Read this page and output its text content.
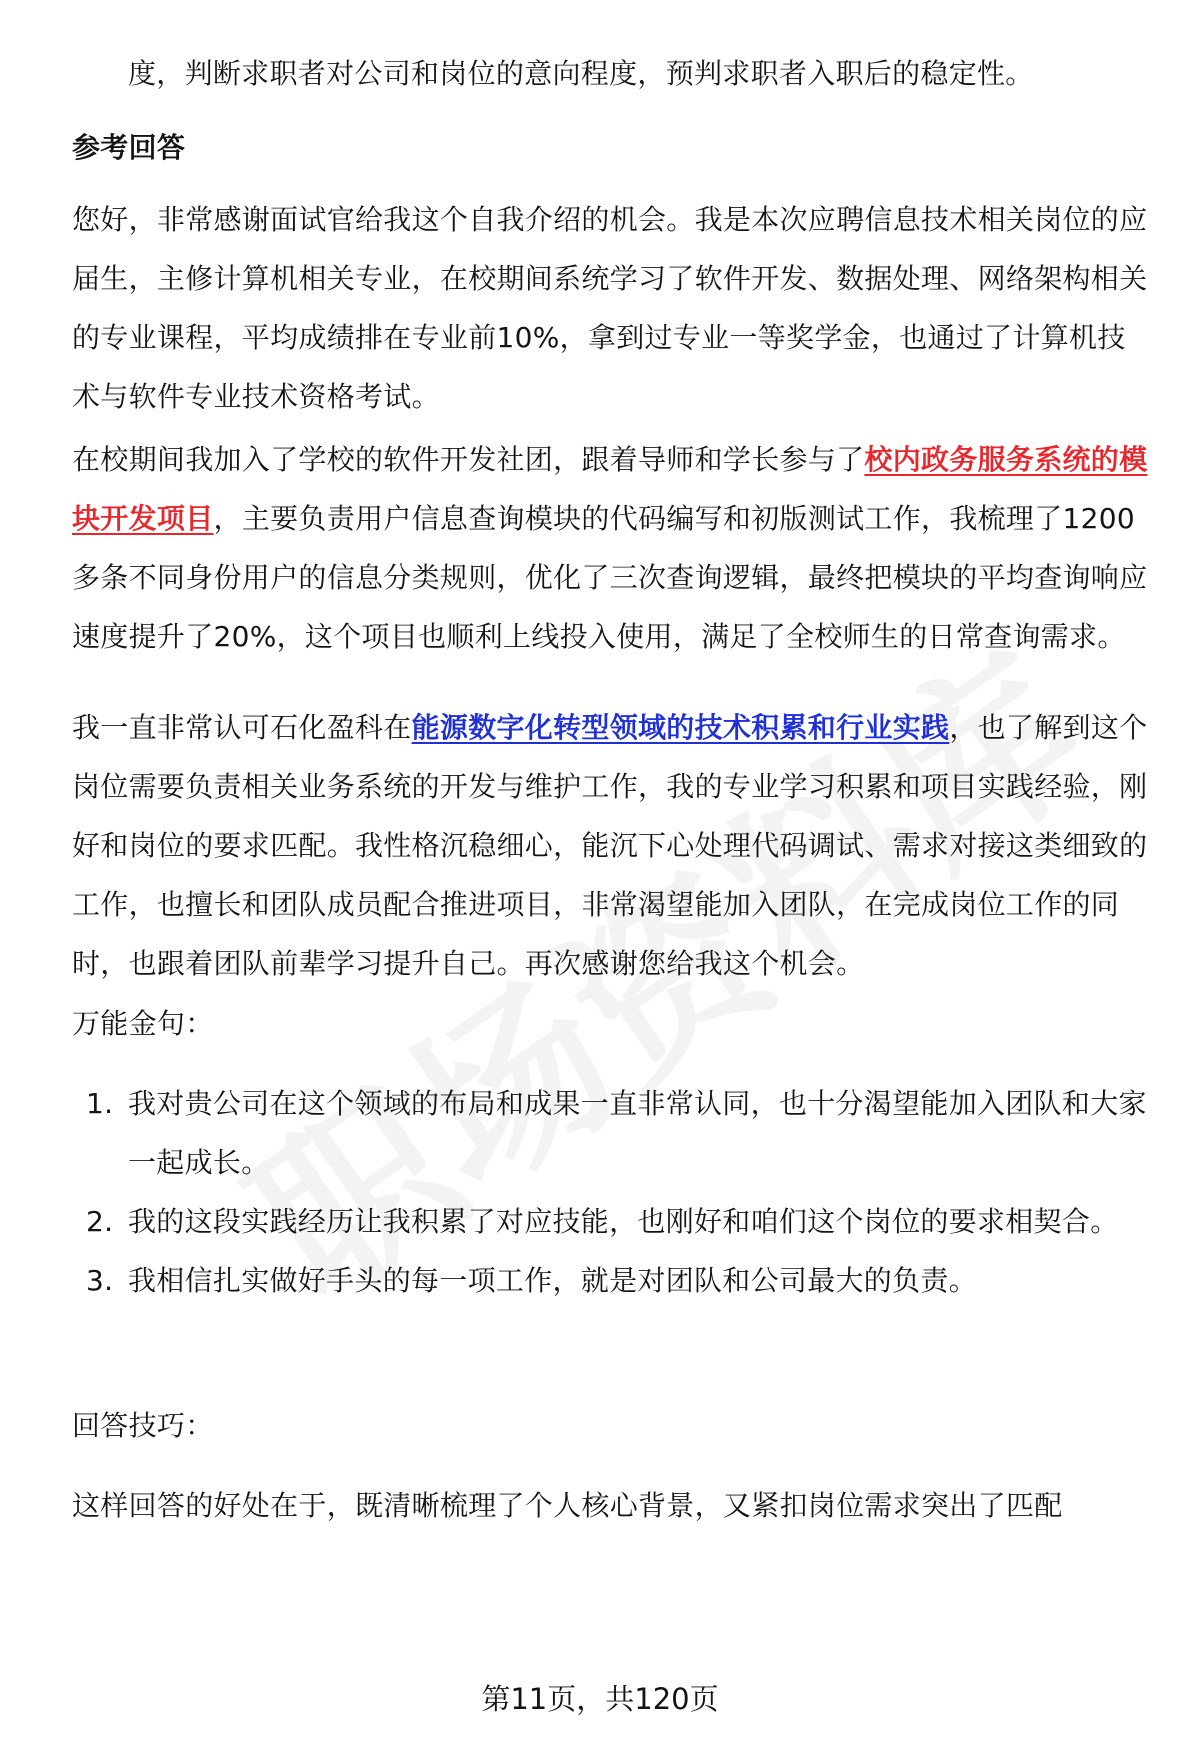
度，判断求职者对公司和岗位的意向程度，预判求职者入职后的稳定性。

参考回答

您好，非常感谢面试官给我这个自我介绍的机会。我是本次应聘信息技术相关岗位的应届生，主修计算机相关专业，在校期间系统学习了软件开发、数据处理、网络架构相关的专业课程，平均成绩排在专业前10%，拿到过专业一等奖学金，也通过了计算机技术与软件专业技术资格考试。

在校期间我加入了学校的软件开发社团，跟着导师和学长参与了校内政务服务系统的模块开发项目，主要负责用户信息查询模块的代码编写和初版测试工作，我梳理了1200多条不同身份用户的信息分类规则，优化了三次查询逻辑，最终把模块的平均查询响应速度提升了20%，这个项目也顺利上线投入使用，满足了全校师生的日常查询需求。

我一直非常认可石化盈科在能源数字化转型领域的技术积累和行业实践，也了解到这个岗位需要负责相关业务系统的开发与维护工作，我的专业学习积累和项目实践经验，刚好和岗位的要求匹配。我性格沉稳细心，能沉下心处理代码调试、需求对接这类细致的工作，也擅长和团队成员配合推进项目，非常渴望能加入团队，在完成岗位工作的同时，也跟着团队前辈学习提升自己。再次感谢您给我这个机会。

万能金句：

1. 我对贵公司在这个领域的布局和成果一直非常认同，也十分渴望能加入团队和大家一起成长。
2. 我的这段实践经历让我积累了对应技能，也刚好和咱们这个岗位的要求相契合。
3. 我相信扎实做好手头的每一项工作，就是对团队和公司最大的负责。

回答技巧：

这样回答的好处在于，既清晰梳理了个人核心背景，又紧扣岗位需求突出了匹配

第11页，共120页
